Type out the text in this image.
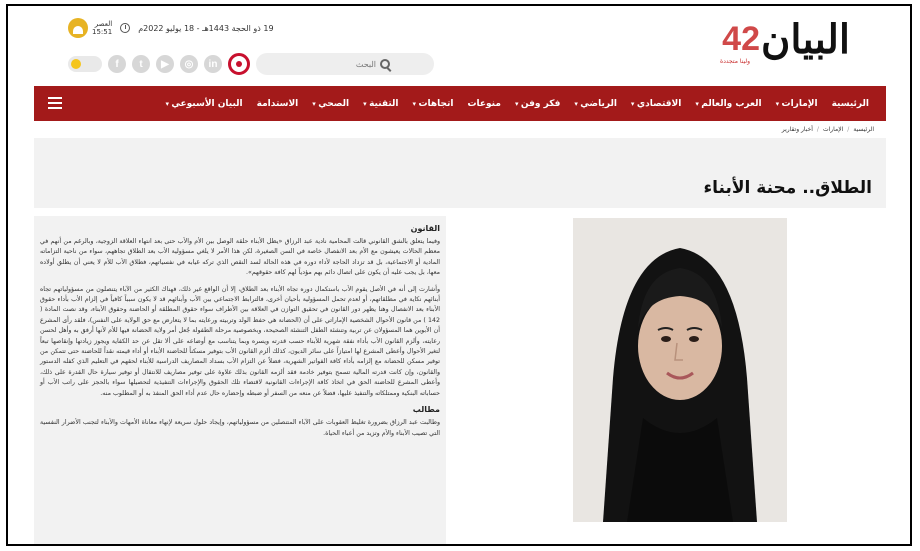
البيان
42
ولينا متجددة
19 ذو الحجة 1443هـ - 18 يوليو 2022م
العصر
15:51
f	t	▶	◎	in
البحث
الرئيسية
الإمارات ▾
العرب والعالم ▾
الاقتصادي ▾
الرياضي ▾
فكر وفن ▾
منوعات
اتجاهات ▾
التقنية ▾
الصحي ▾
الاستدامة
البيان الأسبوعي ▾
الرئيسية
/
الإمارات
/
أخبار وتقارير
الطلاق.. محنة الأبناء
القانون

وفيما يتعلق بالشق القانوني قالت المحامية نادية عبد الرزاق «يظل الأبناء حلقة الوصل بين الأم والأب حتى بعد انتهاء العلاقة الزوجية، وبالرغم من أنهم في معظم الحالات يعيشون مع الأم بعد الانفصال خاصة في السن الصغيرة، لكن هذا الأمر لا يلغي مسؤولية الأب بعد الطلاق تجاههم، سواء من ناحية التزاماته المادية أو الاجتماعية، بل قد تزداد الحاجة لأداء دوره في هذه الحالة لسد النقص الذي تركه غيابه في نفسياتهم، فطلاق الأب للأم لا يعني أن يطلق أولاده معها، بل يجب عليه أن يكون على اتصال دائم بهم مؤدياً لهم كافة حقوقهم».

وأشارت إلى أنه في الأصل يقوم الأب باستكمال دوره تجاه الأبناء بعد الطلاق، إلا أن الواقع غير ذلك، فهناك الكثير من الآباء يتنصلون من مسؤولياتهم تجاه أبنائهم نكاية في مطلقاتهم، أو لعدم تحمل المسؤولية بأحيان أخرى، فالترابط الاجتماعي بين الأب وأبنائهم قد لا يكون سبباً كافياً في إلزام الأب بأداء حقوق الأبناء بعد الانفصال وهنا يظهر دور القانون في تحقيق التوازن في العلاقة بين الأطراف سواء حقوق المطلقة أو الحاضنة وحقوق الأبناء، وقد نصت المادة ( 142 ) من قانون الأحوال الشخصية الإماراتي على أن (الحضانة هي حفظ الولد وتربيته ورعايته بما لا يتعارض مع حق الولاية على النفس)، فلقد رأى المشرع أن الأبوين هما المسؤولان عن تربية وتنشئة الطفل التنشئة الصحيحة، وبخصوصية مرحلة الطفولة جُعل أمر ولاية الحضانة فيها للأم لأنها أرفق به وأهل لحسن رعايته، وألزم القانون الأب بأداء نفقة شهرية للأبناء حسب قدرته ويسره وبما يتناسب مع أوضاعه على ألا تقل عن حد الكفاية ويجوز زيادتها وإنقاصها تبعاً لتغير الأحوال وأعطى المشرع لها امتيازاً على سائر الديون، كذلك ألزم القانون الأب بتوفير مسكناً للحاضنة الأبناء أو أداء قيمته نقداً للحاضنة حتى تتمكن من توفير مسكن للحضانة مع إلزامه بأداء كافة الفواتير الشهرية، فضلاً عن التزام الأب بسداد المصاريف الدراسية للأبناء لحقهم في التعليم الذي كفله الدستور والقانون، وإن كانت قدرته المالية تسمح بتوفير خادمة فقد ألزمه القانون بذلك علاوة على توفير مصاريف للانتقال أو توفير سيارة حال القدرة على ذلك، وأعطى المشرع للحاضنة الحق في اتخاذ كافة الإجراءات القانونية لاقتضاء تلك الحقوق والإجراءات التنفيذية لتحصيلها سواء بالحجز على راتب الأب أو حساباته البنكية وممتلكاته والتنفيذ عليها، فضلاً عن منعه من السفر أو ضبطه وإحضاره حال عدم أداء الحق المنفذ به أو المطلوب منه.

مطالب

وطالبت عبد الرزاق بضرورة تغليظ العقوبات على الآباء المتنصلين من مسؤولياتهم، وإيجاد حلول سريعة لإنهاء معاناة الأمهات والأبناء لتجنب الأضرار النفسية التي تصيب الأبناء والأم وتزيد من أعباء الحياة.
